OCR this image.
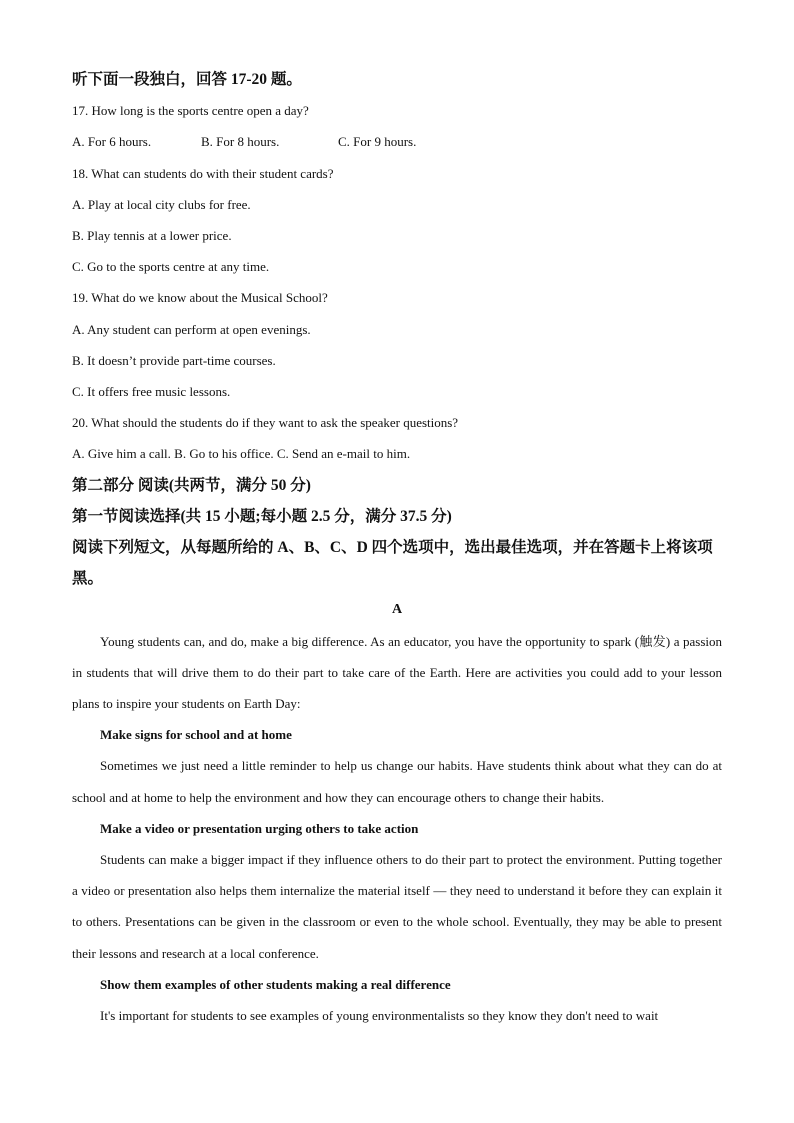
听下面一段独白，回答 17-20 题。

17. How long is the sports centre open a day?

A. For 6 hours.	B. For 8 hours.	C. For 9 hours.

18. What can students do with their student cards?

A. Play at local city clubs for free.

B. Play tennis at a lower price.

C. Go to the sports centre at any time.

19. What do we know about the Musical School?

A. Any student can perform at open evenings.

B. It doesn’t provide part-time courses.

C. It offers free music lessons.

20. What should the students do if they want to ask the speaker questions?

A. Give him a call. B. Go to his office. C. Send an e-mail to him.

第二部分 阅读(共两节，满分 50 分)

第一节阅读选择(共 15 小题;每小题 2.5 分，满分 37.5 分)

阅读下列短文，从每题所给的 A、B、C、D 四个选项中，选出最佳选项，并在答题卡上将该项黑。

A

Young students can, and do, make a big difference. As an educator, you have the opportunity to spark (触发) a passion in students that will drive them to do their part to take care of the Earth. Here are activities you could add to your lesson plans to inspire your students on Earth Day:

Make signs for school and at home

Sometimes we just need a little reminder to help us change our habits. Have students think about what they can do at school and at home to help the environment and how they can encourage others to change their habits.

Make a video or presentation urging others to take action

Students can make a bigger impact if they influence others to do their part to protect the environment. Putting together a video or presentation also helps them internalize the material itself — they need to understand it before they can explain it to others. Presentations can be given in the classroom or even to the whole school. Eventually, they may be able to present their lessons and research at a local conference.

Show them examples of other students making a real difference

It's important for students to see examples of young environmentalists so they know they don't need to wait
